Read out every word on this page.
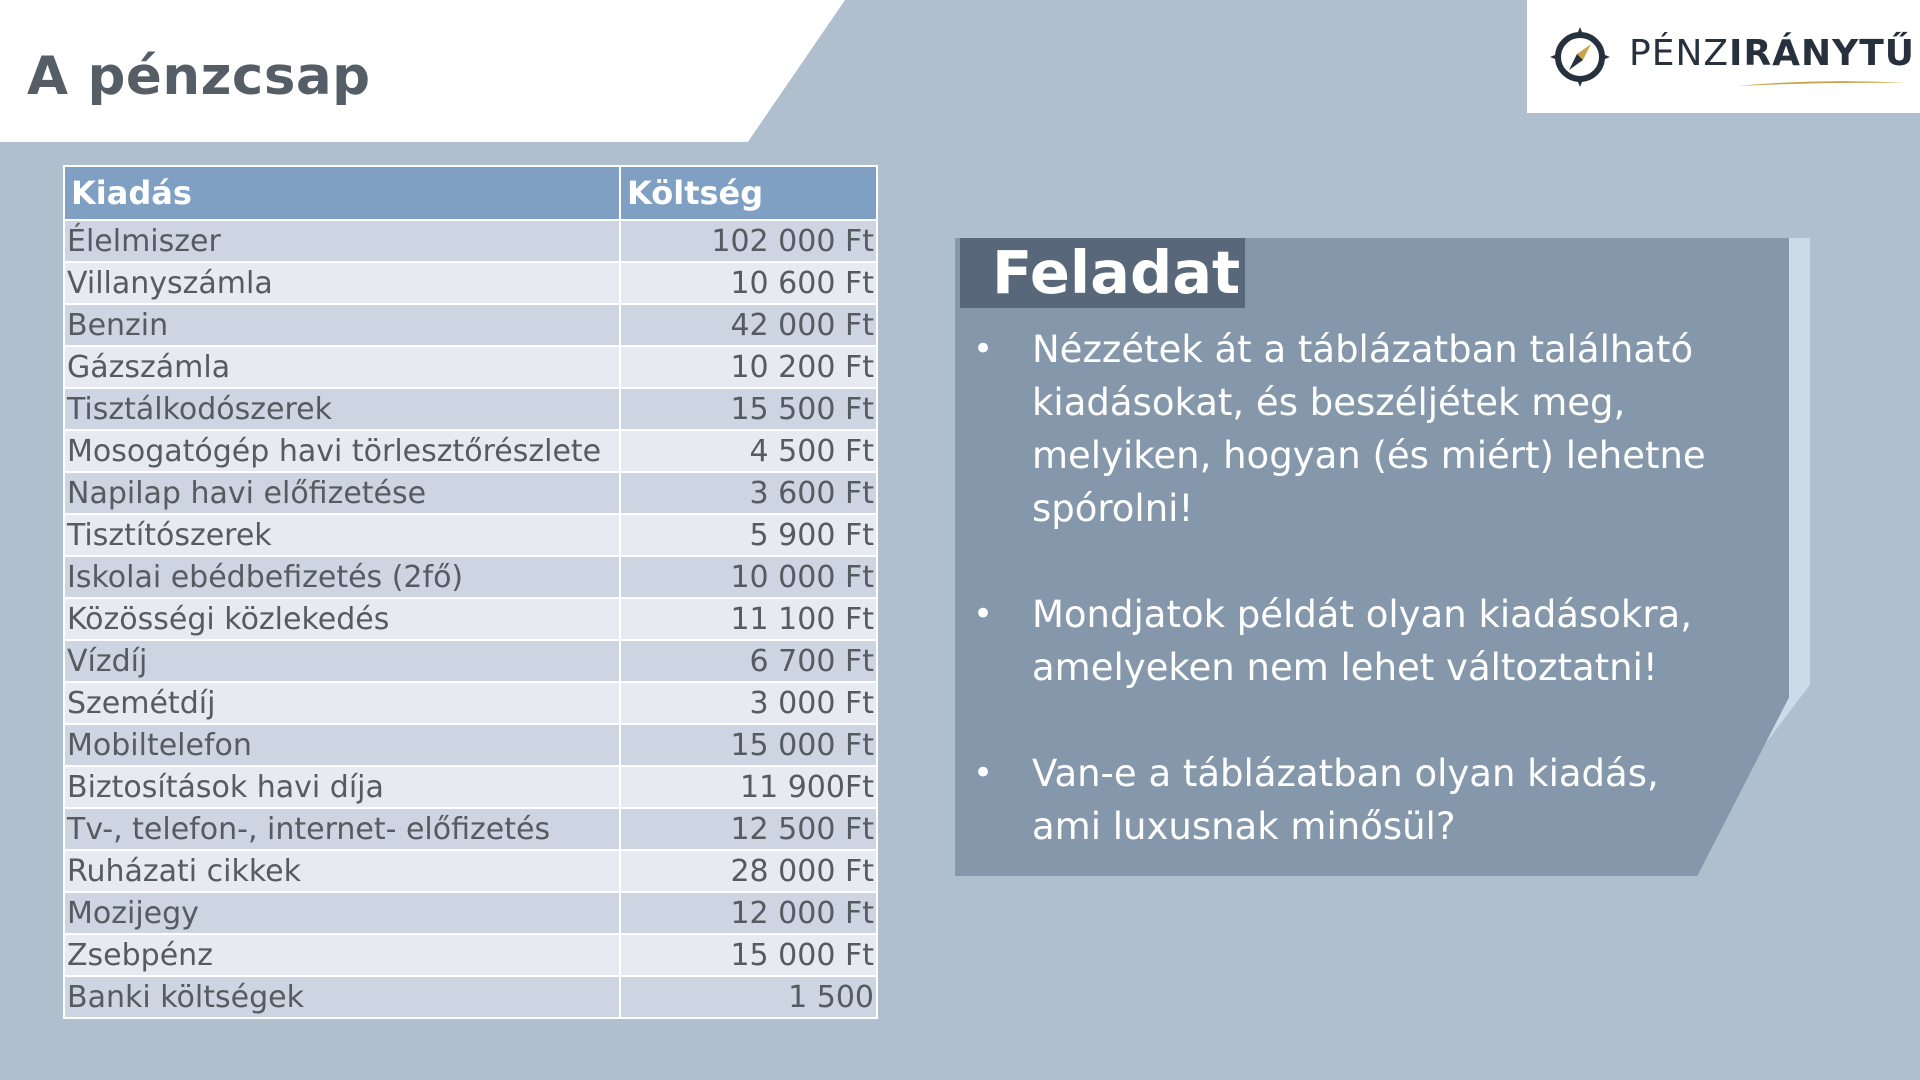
A pénzcsap	PÉNZIRÁNYTŰ
Kiadás	Költség
Élelmiszer	102 000 Ft
Villanyszámla	10 600 Ft
Benzin	42 000 Ft
Gázszámla	10 200 Ft
Tisztálkodószerek	15 500 Ft
Mosogatógép havi törlesztőrészlete	4 500 Ft
Napilap havi előfizetése	3 600 Ft
Tisztítószerek	5 900 Ft
Iskolai ebédbefizetés (2fő)	10 000 Ft
Közösségi közlekedés	11 100 Ft
Vízdíj	6 700 Ft
Szemétdíj	3 000 Ft
Mobiltelefon	15 000 Ft
Biztosítások havi díja	11 900Ft
Tv-, telefon-, internet- előfizetés	12 500 Ft
Ruházati cikkek	28 000 Ft
Mozijegy	12 000 Ft
Zsebpénz	15 000 Ft
Banki költségek	1 500
Feladat
• Nézzétek át a táblázatban található kiadásokat, és beszéljétek meg, melyiken, hogyan (és miért) lehetne spórolni!
• Mondjatok példát olyan kiadásokra, amelyeken nem lehet változtatni!
• Van-e a táblázatban olyan kiadás, ami luxusnak minősül?
